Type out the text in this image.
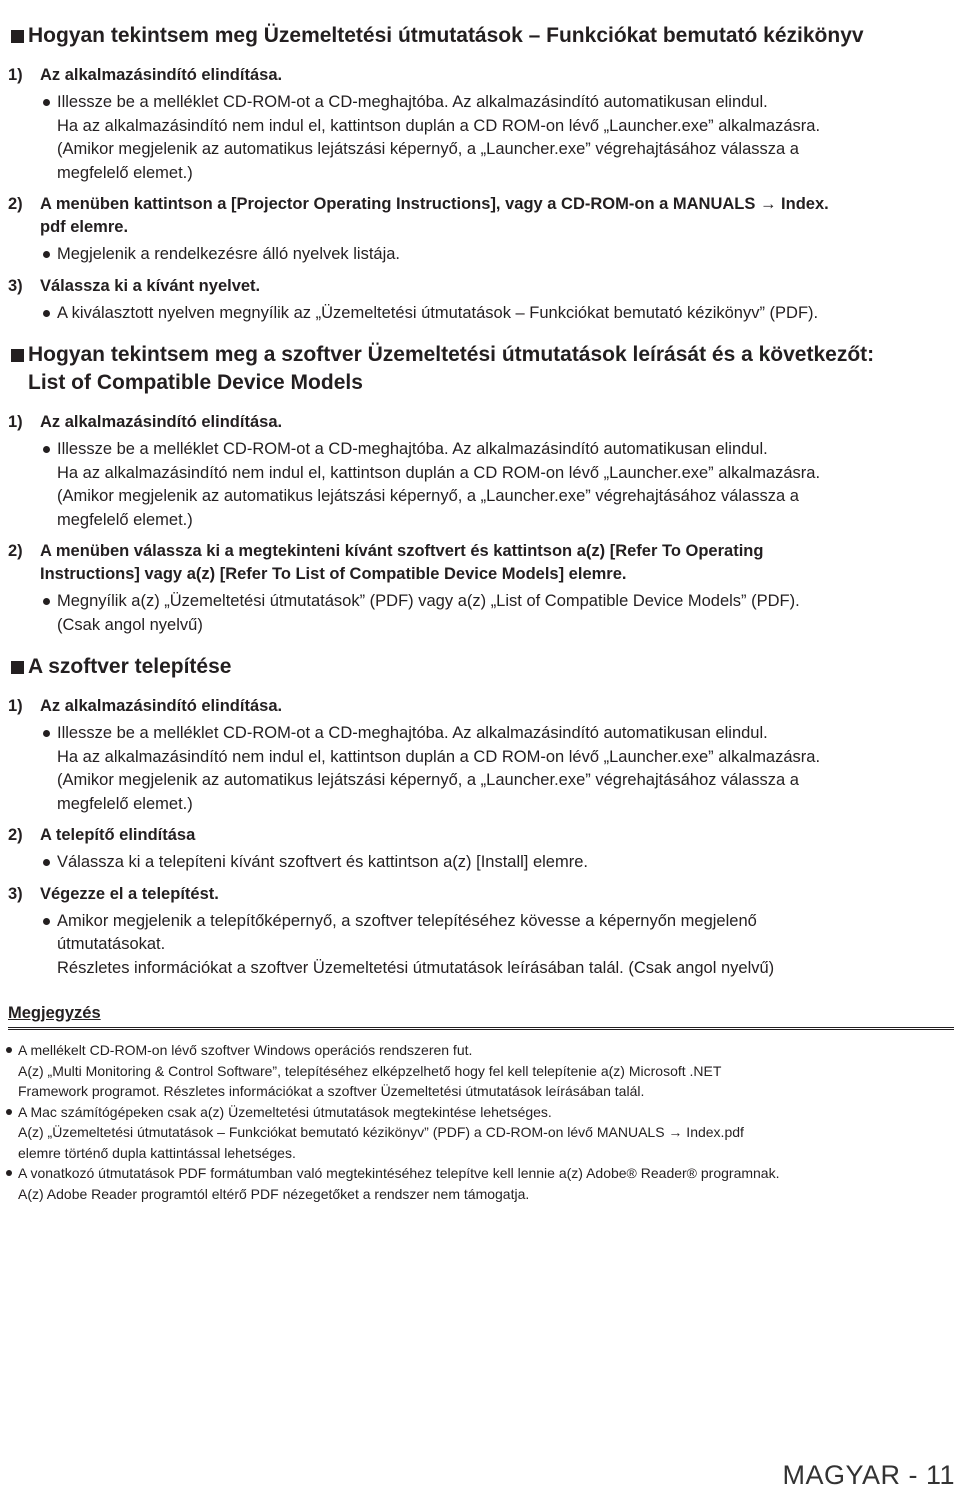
Hogyan tekintsem meg Üzemeltetési útmutatások – Funkciókat bemutató kézikönyv
1)	Az alkalmazásindító elindítása.
Illessze be a melléklet CD-ROM-ot a CD-meghajtóba. Az alkalmazásindító automatikusan elindul.
Ha az alkalmazásindító nem indul el, kattintson duplán a CD ROM-on lévő „Launcher.exe” alkalmazásra.
(Amikor megjelenik az automatikus lejátszási képernyő, a „Launcher.exe” végrehajtásához válassza a
megfelelő elemet.)
2)	A menüben kattintson a [Projector Operating Instructions], vagy a CD-ROM-on a MANUALS → Index.
pdf elemre.
Megjelenik a rendelkezésre álló nyelvek listája.
3)	Válassza ki a kívánt nyelvet.
A kiválasztott nyelven megnyílik az „Üzemeltetési útmutatások – Funkciókat bemutató kézikönyv” (PDF).
Hogyan tekintsem meg a szoftver Üzemeltetési útmutatások leírását és a következőt:
List of Compatible Device Models
1)	Az alkalmazásindító elindítása.
Illessze be a melléklet CD-ROM-ot a CD-meghajtóba. Az alkalmazásindító automatikusan elindul.
Ha az alkalmazásindító nem indul el, kattintson duplán a CD ROM-on lévő „Launcher.exe” alkalmazásra.
(Amikor megjelenik az automatikus lejátszási képernyő, a „Launcher.exe” végrehajtásához válassza a
megfelelő elemet.)
2)	A menüben válassza ki a megtekinteni kívánt szoftvert és kattintson a(z) [Refer To Operating
Instructions] vagy a(z) [Refer To List of Compatible Device Models] elemre.
Megnyílik a(z) „Üzemeltetési útmutatások” (PDF) vagy a(z) „List of Compatible Device Models” (PDF).
(Csak angol nyelvű)
A szoftver telepítése
1)	Az alkalmazásindító elindítása.
Illessze be a melléklet CD-ROM-ot a CD-meghajtóba. Az alkalmazásindító automatikusan elindul.
Ha az alkalmazásindító nem indul el, kattintson duplán a CD ROM-on lévő „Launcher.exe” alkalmazásra.
(Amikor megjelenik az automatikus lejátszási képernyő, a „Launcher.exe” végrehajtásához válassza a
megfelelő elemet.)
2)	A telepítő elindítása
Válassza ki a telepíteni kívánt szoftvert és kattintson a(z) [Install] elemre.
3)	Végezze el a telepítést.
Amikor megjelenik a telepítőképernyő, a szoftver telepítéséhez kövesse a képernyőn megjelenő
útmutatásokat.
Részletes információkat a szoftver Üzemeltetési útmutatások leírásában talál. (Csak angol nyelvű)
Megjegyzés
A mellékelt CD-ROM-on lévő szoftver Windows operációs rendszeren fut.
A(z) „Multi Monitoring & Control Software”, telepítéséhez elképzelhető hogy fel kell telepítenie a(z) Microsoft .NET
Framework programot. Részletes információkat a szoftver Üzemeltetési útmutatások leírásában talál.
A Mac számítógépeken csak a(z) Üzemeltetési útmutatások megtekintése lehetséges.
A(z) „Üzemeltetési útmutatások – Funkciókat bemutató kézikönyv” (PDF) a CD-ROM-on lévő MANUALS → Index.pdf
elemre történő dupla kattintással lehetséges.
A vonatkozó útmutatások PDF formátumban való megtekintéséhez telepítve kell lennie a(z) Adobe® Reader® programnak.
A(z) Adobe Reader programtól eltérő PDF nézegetőket a rendszer nem támogatja.
MAGYAR - 11
